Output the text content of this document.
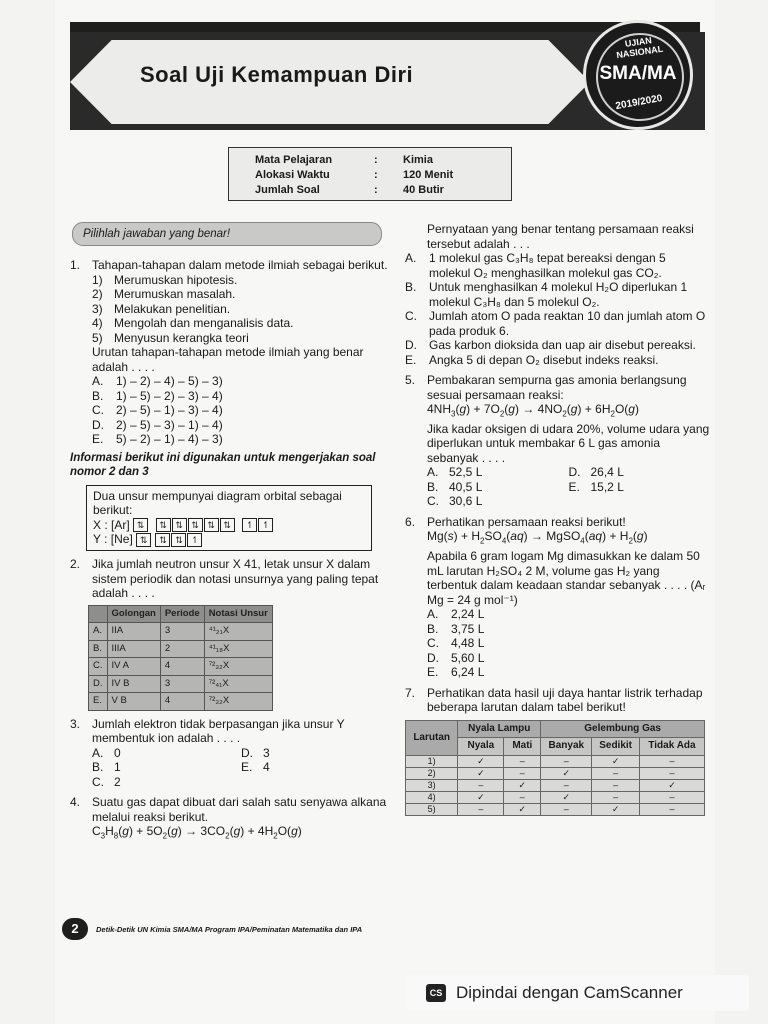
Soal Uji Kemampuan Diri
UJIAN NASIONAL
SMA/MA
2019/2020
Mata Pelajaran	: Kimia
Alokasi Waktu	: 120 Menit
Jumlah Soal	: 40 Butir
Pilihlah jawaban yang benar!
1. Tahapan-tahapan dalam metode ilmiah sebagai berikut.
1) Merumuskan hipotesis.
2) Merumuskan masalah.
3) Melakukan penelitian.
4) Mengolah dan menganalisis data.
5) Menyusun kerangka teori
Urutan tahapan-tahapan metode ilmiah yang benar adalah . . . .
A.	1) – 2) – 4) – 5) – 3)
B.	1) – 5) – 2) – 3) – 4)
C.	2) – 5) – 1) – 3) – 4)
D.	2) – 5) – 3) – 1) – 4)
E.	5) – 2) – 1) – 4) – 3)
Informasi berikut ini digunakan untuk mengerjakan soal nomor 2 dan 3
Dua unsur mempunyai diagram orbital sebagai berikut:
X : [Ar] ⇅ ⇅ ⇅ ⇅ ⇅ ⇅ ↿ ↿
Y : [Ne] ⇅ ⇅ ⇅ ↿
2. Jika jumlah neutron unsur X 41, letak unsur X dalam sistem periodik dan notasi unsurnya yang paling tepat adalah . . . .
	Golongan	Periode	Notasi Unsur
A.	IIA	3	⁴¹₂₁X
B.	IIIA	2	⁴¹₁₈X
C.	IV A	4	⁷²₃₂X
D.	IV B	3	⁷²₄₁X
E.	V B	4	⁷²₃₂X
3. Jumlah elektron tidak berpasangan jika unsur Y membentuk ion adalah . . . .
A. 0	D. 3
B. 1	E. 4
C. 2
4. Suatu gas dapat dibuat dari salah satu senyawa alkana melalui reaksi berikut.
$C_3H_8(g) + 5O_2(g) \to 3CO_2(g) + 4H_2O(g)$
Pernyataan yang benar tentang persamaan reaksi tersebut adalah . . .
A.	1 molekul gas C₃H₈ tepat bereaksi dengan 5 molekul O₂ menghasilkan molekul gas CO₂.
B.	Untuk menghasilkan 4 molekul H₂O diperlukan 1 molekul C₃H₈ dan 5 molekul O₂.
C.	Jumlah atom O pada reaktan 10 dan jumlah atom O pada produk 6.
D.	Gas karbon dioksida dan uap air disebut pereaksi.
E.	Angka 5 di depan O₂ disebut indeks reaksi.
5. Pembakaran sempurna gas amonia berlangsung sesuai persamaan reaksi:
$4NH_3(g) + 7O_2(g) \to 4NO_2(g) + 6H_2O(g)$
Jika kadar oksigen di udara 20%, volume udara yang diperlukan untuk membakar 6 L gas amonia sebanyak . . . .
A. 52,5 L	D. 26,4 L
B. 40,5 L	E. 15,2 L
C. 30,6 L
6. Perhatikan persamaan reaksi berikut!
$Mg(s) + H_2SO_4(aq)$ → MgSO$_4$(aq) + $H_2(g)$
Apabila 6 gram logam Mg dimasukkan ke dalam 50 mL larutan H₂SO₄ 2 M, volume gas H₂ yang terbentuk dalam keadaan standar sebanyak . . . . (Aᵣ Mg = 24 g mol⁻¹)
A.	2,24 L
B.	3,75 L
C.	4,48 L
D.	5,60 L
E.	6,24 L
7. Perhatikan data hasil uji daya hantar listrik terhadap beberapa larutan dalam tabel berikut!
Larutan	Nyala Lampu		Gelembung Gas		
	Nyala	Mati	Banyak	Sedikit	Tidak Ada
1)	✓	–	–	✓	–
2)	✓	–	✓	–	–
3)	–	✓	–	–	✓
4)	✓	–	✓	–	–
5)	–	✓	–	✓	–
2	Detik-Detik UN Kimia SMA/MA Program IPA/Peminatan Matematika dan IPA
CS Dipindai dengan CamScanner
